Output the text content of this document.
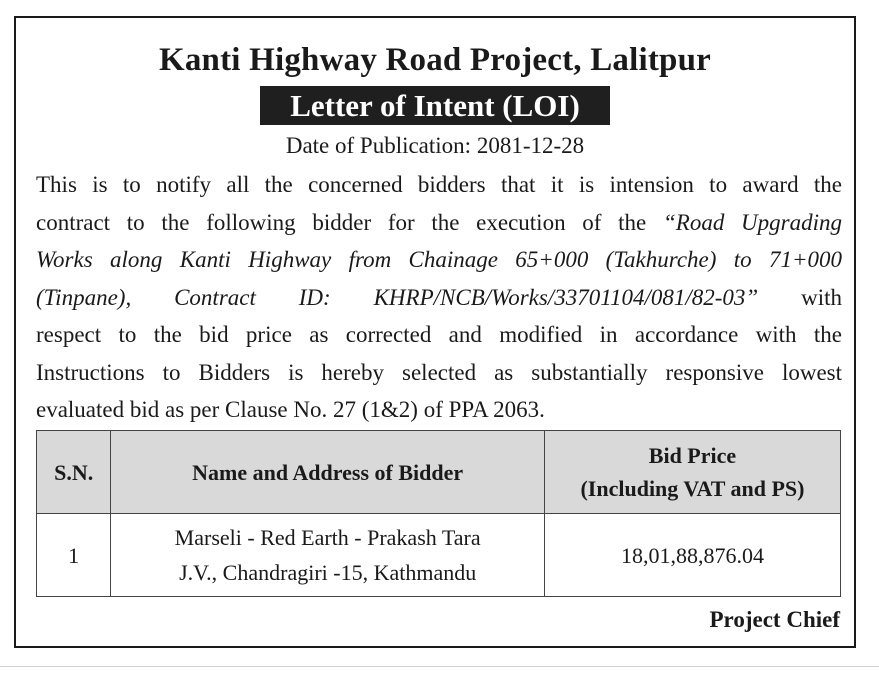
Kanti Highway Road Project, Lalitpur
Letter of Intent (LOI)
Date of Publication: 2081-12-28
This is to notify all the concerned bidders that it is intension to award the
contract to the following bidder for the execution of the “Road Upgrading
Works along Kanti Highway from Chainage 65+000 (Takhurche) to 71+000
(Tinpane), Contract ID: KHRP/NCB/Works/33701104/081/82-03” with
respect to the bid price as corrected and modified in accordance with the
Instructions to Bidders is hereby selected as substantially responsive lowest
evaluated bid as per Clause No. 27 (1&2) of PPA 2063.
S.N.	Name and Address of Bidder	Bid Price
(Including VAT and PS)
1	Marseli - Red Earth - Prakash Tara
J.V., Chandragiri -15, Kathmandu	18,01,88,876.04
Project Chief
